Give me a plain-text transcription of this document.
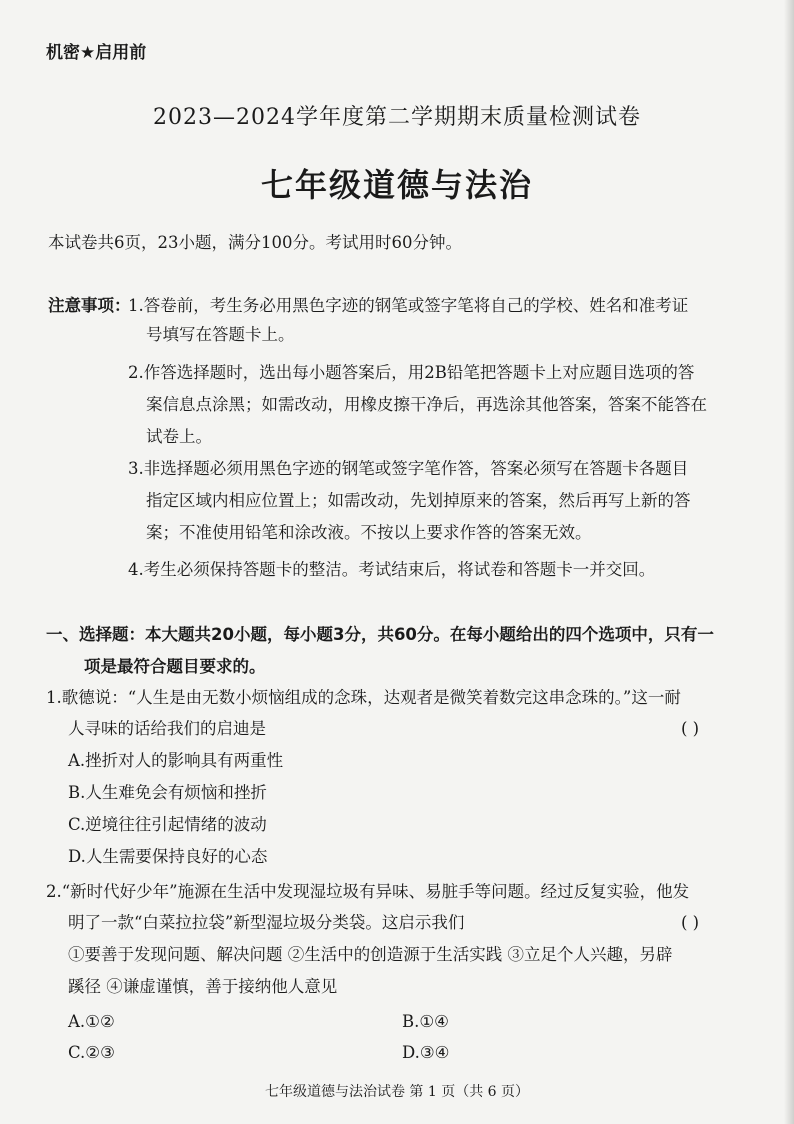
机密★启用前
2023—2024学年度第二学期期末质量检测试卷
七年级道德与法治
本试卷共6页，23小题，满分100分。考试用时60分钟。
注意事项：
1.答卷前，考生务必用黑色字迹的钢笔或签字笔将自己的学校、姓名和准考证
号填写在答题卡上。
2.作答选择题时，选出每小题答案后，用2B铅笔把答题卡上对应题目选项的答
案信息点涂黑；如需改动，用橡皮擦干净后，再选涂其他答案，答案不能答在
试卷上。
3.非选择题必须用黑色字迹的钢笔或签字笔作答，答案必须写在答题卡各题目
指定区域内相应位置上；如需改动，先划掉原来的答案，然后再写上新的答
案；不准使用铅笔和涂改液。不按以上要求作答的答案无效。
4.考生必须保持答题卡的整洁。考试结束后，将试卷和答题卡一并交回。
一、选择题：本大题共20小题，每小题3分，共60分。在每小题给出的四个选项中，只有一
项是最符合题目要求的。
1.歌德说：“人生是由无数小烦恼组成的念珠，达观者是微笑着数完这串念珠的。”这一耐
人寻味的话给我们的启迪是	( )
A.挫折对人的影响具有两重性
B.人生难免会有烦恼和挫折
C.逆境往往引起情绪的波动
D.人生需要保持良好的心态
2.“新时代好少年”施源在生活中发现湿垃圾有异味、易脏手等问题。经过反复实验，他发
明了一款“白菜拉拉袋”新型湿垃圾分类袋。这启示我们	( )
①要善于发现问题、解决问题 ②生活中的创造源于生活实践 ③立足个人兴趣，另辟
蹊径 ④谦虚谨慎，善于接纳他人意见
A.①②	B.①④
C.②③	D.③④
七年级道德与法治试卷 第 1 页（共 6 页）
